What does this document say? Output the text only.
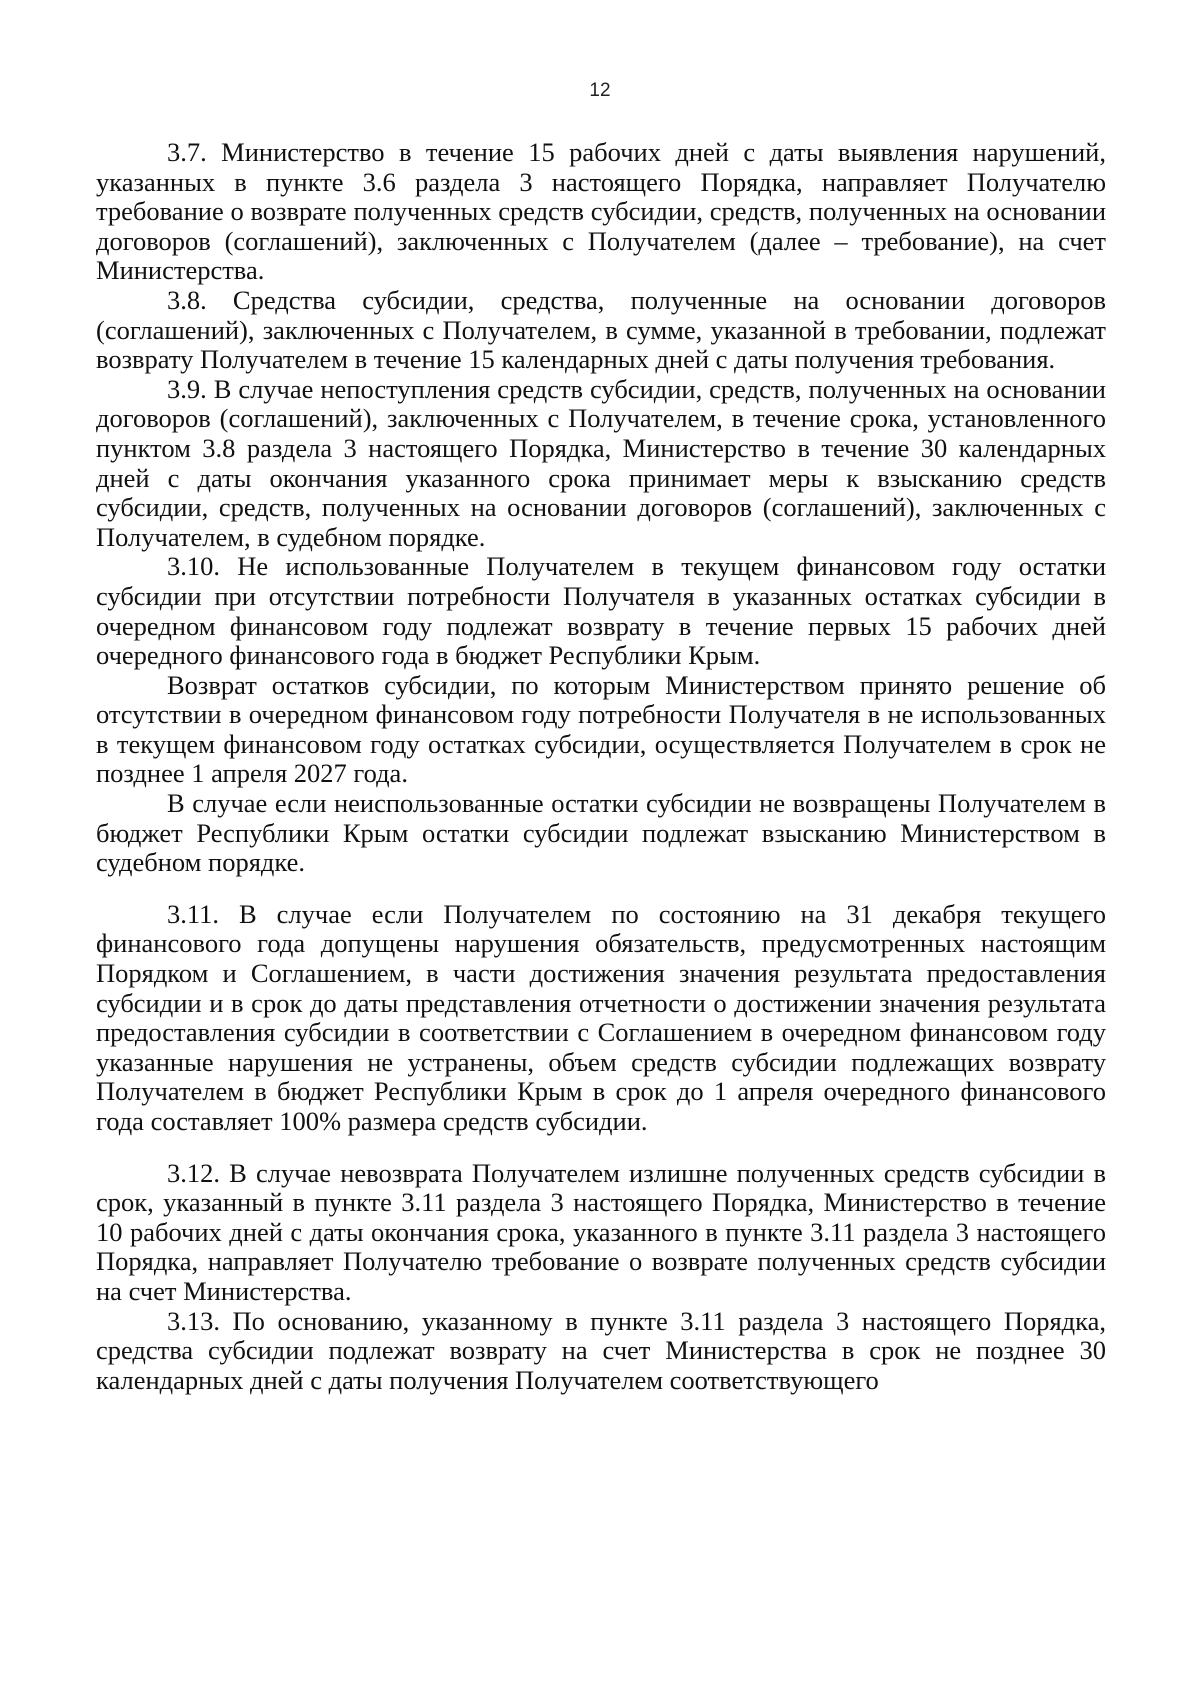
12

3.7. Министерство в течение 15 рабочих дней с даты выявления нарушений, указанных в пункте 3.6 раздела 3 настоящего Порядка, направляет Получателю требование о возврате полученных средств субсидии, средств, полученных на основании договоров (соглашений), заключенных с Получателем (далее – требование), на счет Министерства.

3.8. Средства субсидии, средства, полученные на основании договоров (соглашений), заключенных с Получателем, в сумме, указанной в требовании, подлежат возврату Получателем в течение 15 календарных дней с даты получения требования.

3.9. В случае непоступления средств субсидии, средств, полученных на основании договоров (соглашений), заключенных с Получателем, в течение срока, установленного пунктом 3.8 раздела 3 настоящего Порядка, Министерство в течение 30 календарных дней с даты окончания указанного срока принимает меры к взысканию средств субсидии, средств, полученных на основании договоров (соглашений), заключенных с Получателем, в судебном порядке.

3.10. Не использованные Получателем в текущем финансовом году остатки субсидии при отсутствии потребности Получателя в указанных остатках субсидии в очередном финансовом году подлежат возврату в течение первых 15 рабочих дней очередного финансового года в бюджет Республики Крым.

Возврат остатков субсидии, по которым Министерством принято решение об отсутствии в очередном финансовом году потребности Получателя в не использованных в текущем финансовом году остатках субсидии, осуществляется Получателем в срок не позднее 1 апреля 2027 года.

В случае если неиспользованные остатки субсидии не возвращены Получателем в бюджет Республики Крым остатки субсидии подлежат взысканию Министерством в судебном порядке.

3.11. В случае если Получателем по состоянию на 31 декабря текущего финансового года допущены нарушения обязательств, предусмотренных настоящим Порядком и Соглашением, в части достижения значения результата предоставления субсидии и в срок до даты представления отчетности о достижении значения результата предоставления субсидии в соответствии с Соглашением в очередном финансовом году указанные нарушения не устранены, объем средств субсидии подлежащих возврату Получателем в бюджет Республики Крым в срок до 1 апреля очередного финансового года составляет 100% размера средств субсидии.

3.12. В случае невозврата Получателем излишне полученных средств субсидии в срок, указанный в пункте 3.11 раздела 3 настоящего Порядка, Министерство в течение 10 рабочих дней с даты окончания срока, указанного в пункте 3.11 раздела 3 настоящего Порядка, направляет Получателю требование о возврате полученных средств субсидии на счет Министерства.

3.13. По основанию, указанному в пункте 3.11 раздела 3 настоящего Порядка, средства субсидии подлежат возврату на счет Министерства в срок не позднее 30 календарных дней с даты получения Получателем соответствующего
